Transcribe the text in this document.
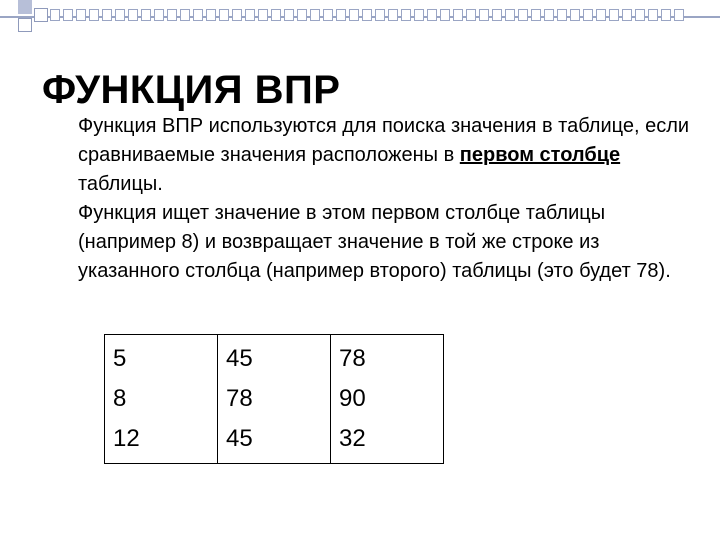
ФУНКЦИЯ ВПР
Функция ВПР используются для поиска значения в таблице, если сравниваемые значения расположены в первом столбце таблицы.
Функция ищет значение в этом первом столбце таблицы (например 8) и возвращает значение в той же строке из указанного столбца (например второго) таблицы (это будет 78).
5	45	78
8	78	90
12	45	32
